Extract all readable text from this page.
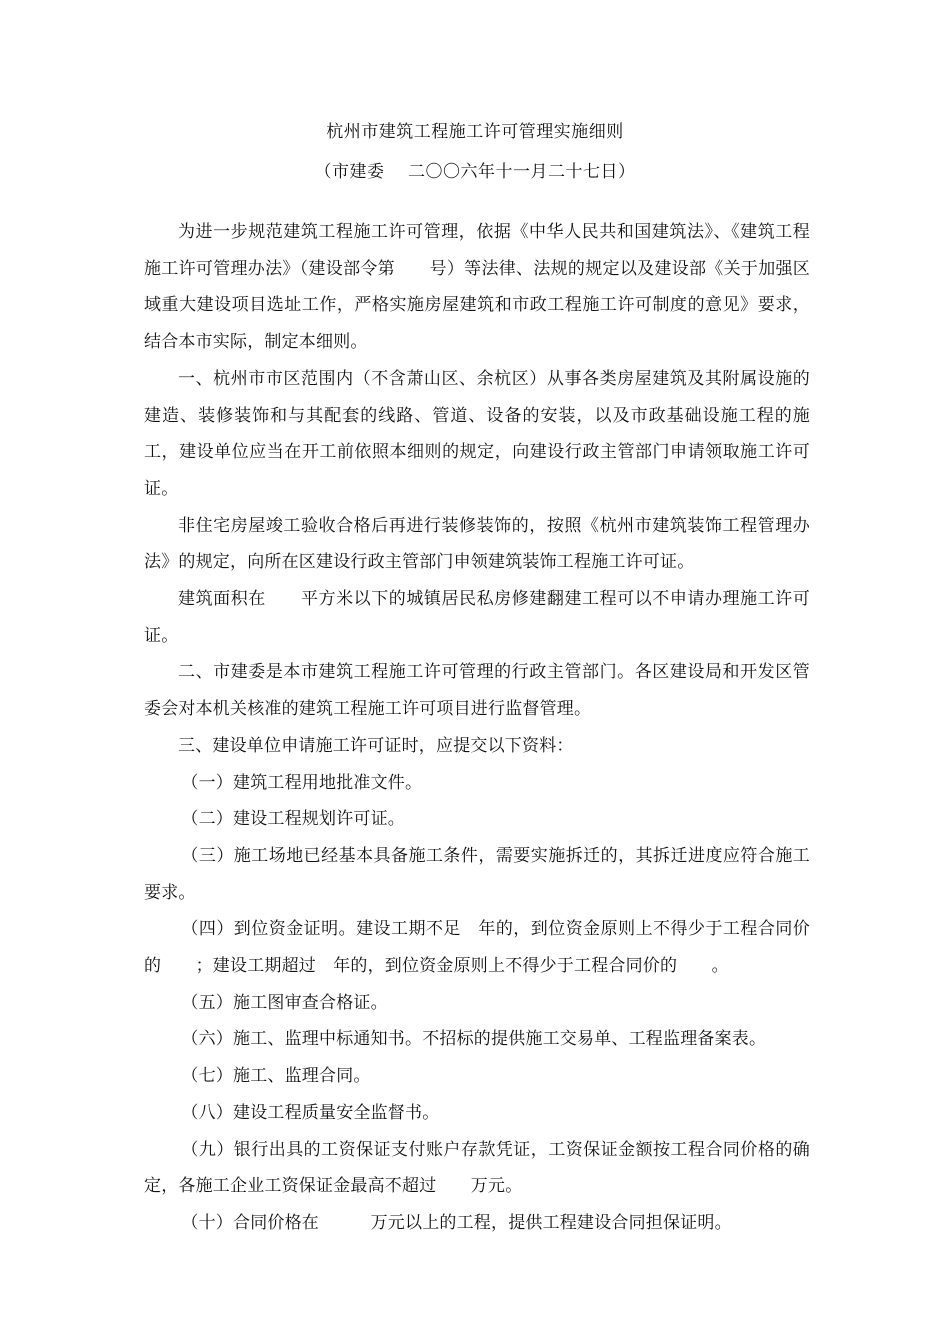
杭州市建筑工程施工许可管理实施细则
（市建委　 二〇〇六年十一月二十七日）

为进一步规范建筑工程施工许可管理，依据《中华人民共和国建筑法》、《建筑工程施工许可管理办法》（建设部令第　　号）等法律、法规的规定以及建设部《关于加强区域重大建设项目选址工作，严格实施房屋建筑和市政工程施工许可制度的意见》要求，结合本市实际，制定本细则。

一、杭州市市区范围内（不含萧山区、余杭区）从事各类房屋建筑及其附属设施的建造、装修装饰和与其配套的线路、管道、设备的安装，以及市政基础设施工程的施工，建设单位应当在开工前依照本细则的规定，向建设行政主管部门申请领取施工许可证。

非住宅房屋竣工验收合格后再进行装修装饰的，按照《杭州市建筑装饰工程管理办法》的规定，向所在区建设行政主管部门申领建筑装饰工程施工许可证。

建筑面积在　　平方米以下的城镇居民私房修建翻建工程可以不申请办理施工许可证。

二、市建委是本市建筑工程施工许可管理的行政主管部门。各区建设局和开发区管委会对本机关核准的建筑工程施工许可项目进行监督管理。

三、建设单位申请施工许可证时，应提交以下资料：

（一）建筑工程用地批准文件。

（二）建设工程规划许可证。

（三）施工场地已经基本具备施工条件，需要实施拆迁的，其拆迁进度应符合施工要求。

（四）到位资金证明。建设工期不足　年的，到位资金原则上不得少于工程合同价的　　；建设工期超过　年的，到位资金原则上不得少于工程合同价的　　。

（五）施工图审查合格证。

（六）施工、监理中标通知书。不招标的提供施工交易单、工程监理备案表。

（七）施工、监理合同。

（八）建设工程质量安全监督书。

（九）银行出具的工资保证支付账户存款凭证，工资保证金额按工程合同价格的确定，各施工企业工资保证金最高不超过　　万元。

（十）合同价格在　　　万元以上的工程，提供工程建设合同担保证明。
